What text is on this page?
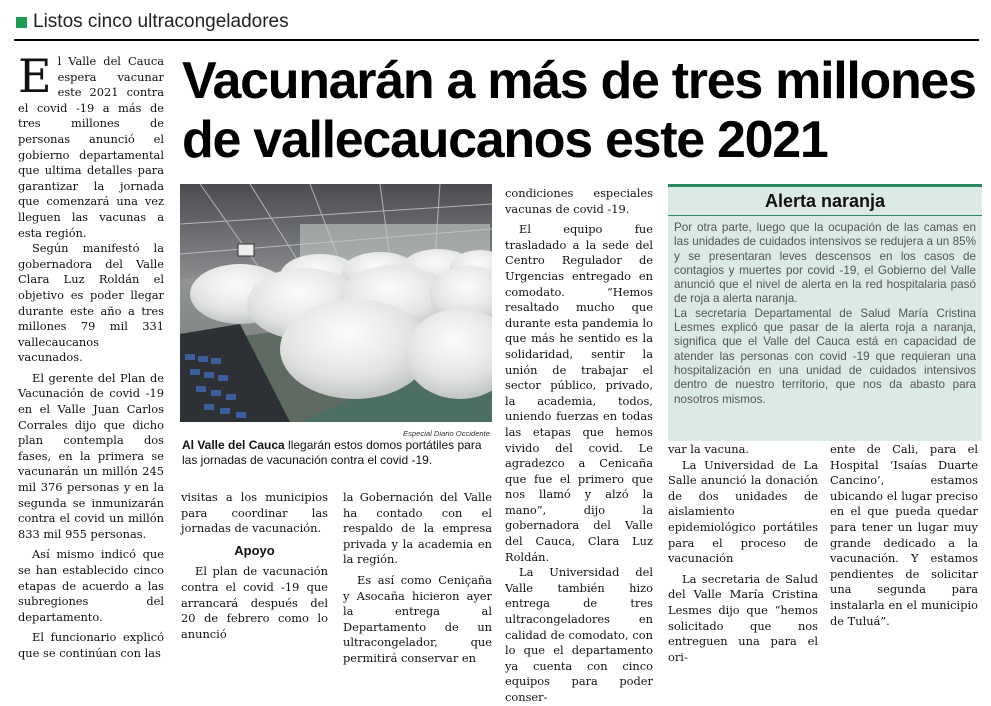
Listos cinco ultracongeladores
E l Valle del Cauca espera vacunar este 2021 contra el covid -19 a más de tres millones de personas anunció el gobierno departamental que ultima detalles para garantizar la jornada que comenzará una vez lleguen las vacunas a esta región.

Según manifestó la gobernadora del Valle Clara Luz Roldán el objetivo es poder llegar durante este año a tres millones 79 mil 331 vallecaucanos vacunados.

El gerente del Plan de Vacunación de covid -19 en el Valle Juan Carlos Corrales dijo que dicho plan contempla dos fases, en la primera se vacunarán un millón 245 mil 376 personas y en la segunda se inmunizarán contra el covid un millón 833 mil 955 personas.

Así mismo indicó que se han establecido cinco etapas de acuerdo a las subregiones del departamento.

El funcionario explicó que se continúan con las

Vacunarán a más de tres millones
de vallecaucanos este 2021
Especial Diario Occidente
Al Valle del Cauca llegarán estos domos portátiles para las jornadas de vacunación contra el covid -19.

visitas a los municipios para coordinar las jornadas de vacunación.

Apoyo

El plan de vacunación contra el covid -19 que arrancará después del 20 de febrero como lo anunció

la Gobernación del Valle ha contado con el respaldo de la empresa privada y la academia en la región.

Es así como Ceniçaña y Asocaña hicieron ayer la entrega al Departamento de un ultracongelador, que permitirá conservar en

condiciones especiales vacunas de covid -19.

El equipo fue trasladado a la sede del Centro Regulador de Urgencias entregado en comodato. “Hemos resaltado mucho que durante esta pandemia lo que más he sentido es la solidaridad, sentir la unión de trabajar el sector público, privado, la academia, todos, uniendo fuerzas en todas las etapas que hemos vivido del covid. Le agradezco a Cenicaña que fue el primero que nos llamó y alzó la mano”, dijo la gobernadora del Valle del Cauca, Clara Luz Roldán.

La Universidad del Valle también hizo entrega de tres ultracongeladores en calidad de comodato, con lo que el departamento ya cuenta con cinco equipos para poder conser-

Alerta naranja

Por otra parte, luego que la ocupación de las camas en las unidades de cuidados intensivos se redujera a un 85% y se presentaran leves descensos en los casos de contagios y muertes por covid -19, el Gobierno del Valle anunció que el nivel de alerta en la red hospitalaria pasó de roja a alerta naranja.

La secretaria Departamental de Salud María Cristina Lesmes explicó que pasar de la alerta roja a naranja, significa que el Valle del Cauca está en capacidad de atender las personas con covid -19 que requieran una hospitalización en una unidad de cuidados intensivos dentro de nuestro territorio, que nos da abasto para nosotros mismos.

var la vacuna.

La Universidad de La Salle anunció la donación de dos unidades de aislamiento epidemiológico portátiles para el proceso de vacunación

La secretaria de Salud del Valle María Cristina Lesmes dijo que “hemos solicitado que nos entreguen una para el ori-

ente de Cali, para el Hospital ‘Isaías Duarte Cancino’, estamos ubicando el lugar preciso en el que pueda quedar para tener un lugar muy grande dedicado a la vacunación. Y estamos pendientes de solicitar una segunda para instalarla en el municipio de Tuluá”.
